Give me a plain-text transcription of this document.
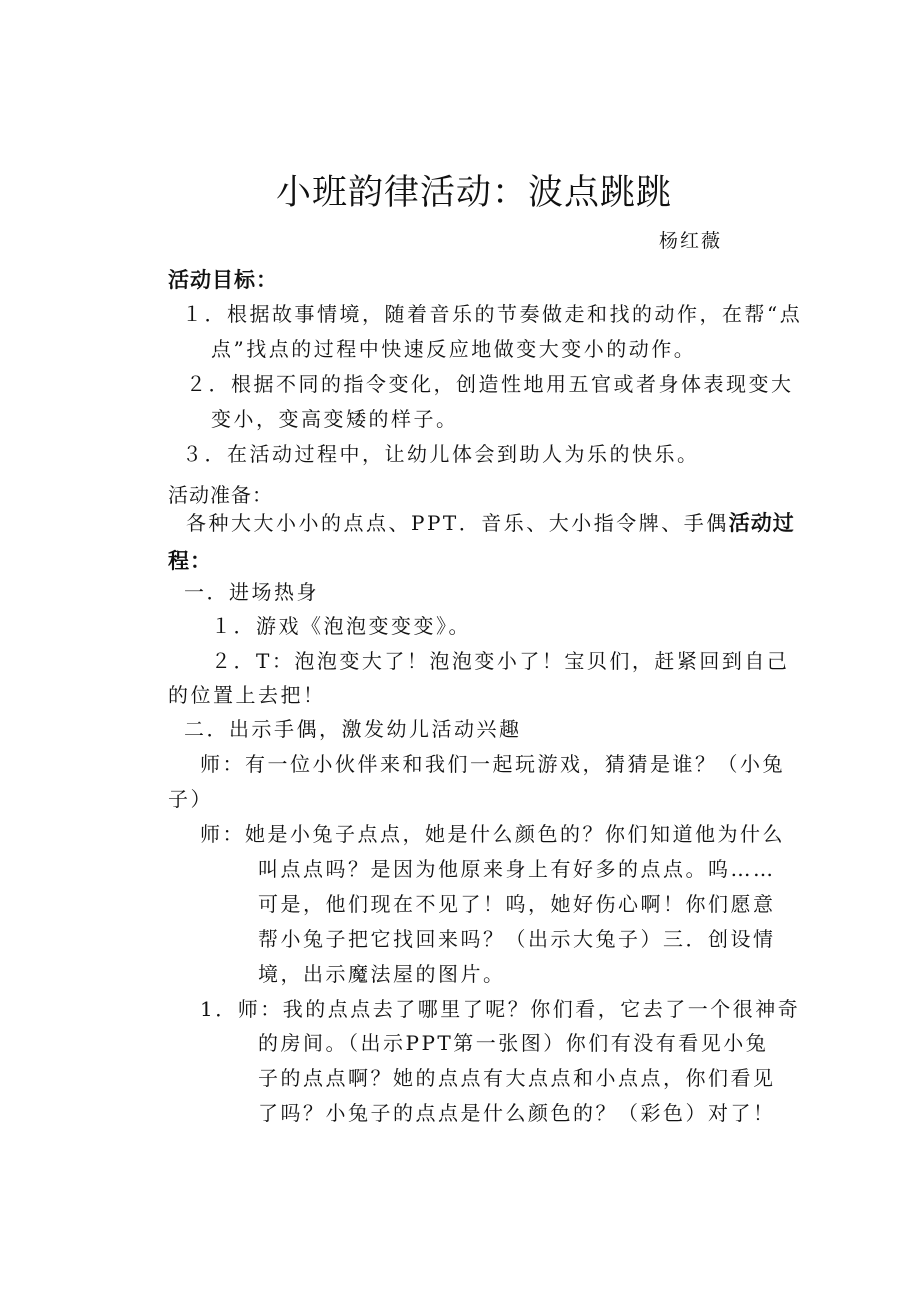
小班韵律活动：波点跳跳
杨红薇
活动目标：
１．根据故事情境，随着音乐的节奏做走和找的动作，在帮“点
点”找点的过程中快速反应地做变大变小的动作。
２．根据不同的指令变化，创造性地用五官或者身体表现变大
变小，变高变矮的样子。
３．在活动过程中，让幼儿体会到助人为乐的快乐。
活动准备：
各种大大小小的点点、PPT．音乐、大小指令牌、手偶活动过
程：
一．进场热身
１．游戏《泡泡变变变》。
２．T：泡泡变大了！泡泡变小了！宝贝们，赶紧回到自己
的位置上去把！
二．出示手偶，激发幼儿活动兴趣
师：有一位小伙伴来和我们一起玩游戏，猜猜是谁？（小兔
子）
师：她是小兔子点点，她是什么颜色的？你们知道他为什么
叫点点吗？是因为他原来身上有好多的点点。呜……
可是，他们现在不见了！呜，她好伤心啊！你们愿意
帮小兔子把它找回来吗？（出示大兔子）三．创设情
境，出示魔法屋的图片。
1．师：我的点点去了哪里了呢？你们看，它去了一个很神奇
的房间。（出示PPT第一张图）你们有没有看见小兔
子的点点啊？她的点点有大点点和小点点，你们看见
了吗？小兔子的点点是什么颜色的？（彩色）对了！
